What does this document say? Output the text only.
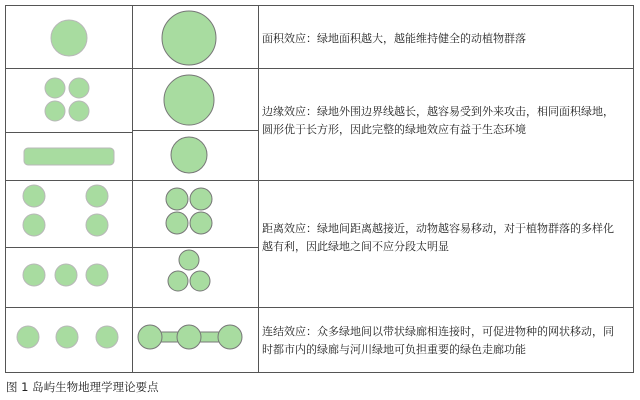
面积效应：绿地面积越大，越能维持健全的动植物群落
边缘效应：绿地外围边界线越长，越容易受到外来攻击，相同面积绿地，圆形优于长方形，因此完整的绿地效应有益于生态环境
距离效应：绿地间距离越接近，动物越容易移动，对于植物群落的多样化越有利，因此绿地之间不应分段太明显
连结效应：众多绿地间以带状绿廊相连接时，可促进物种的网状移动，同时都市内的绿廊与河川绿地可负担重要的绿色走廊功能
图 1 岛屿生物地理学理论要点
